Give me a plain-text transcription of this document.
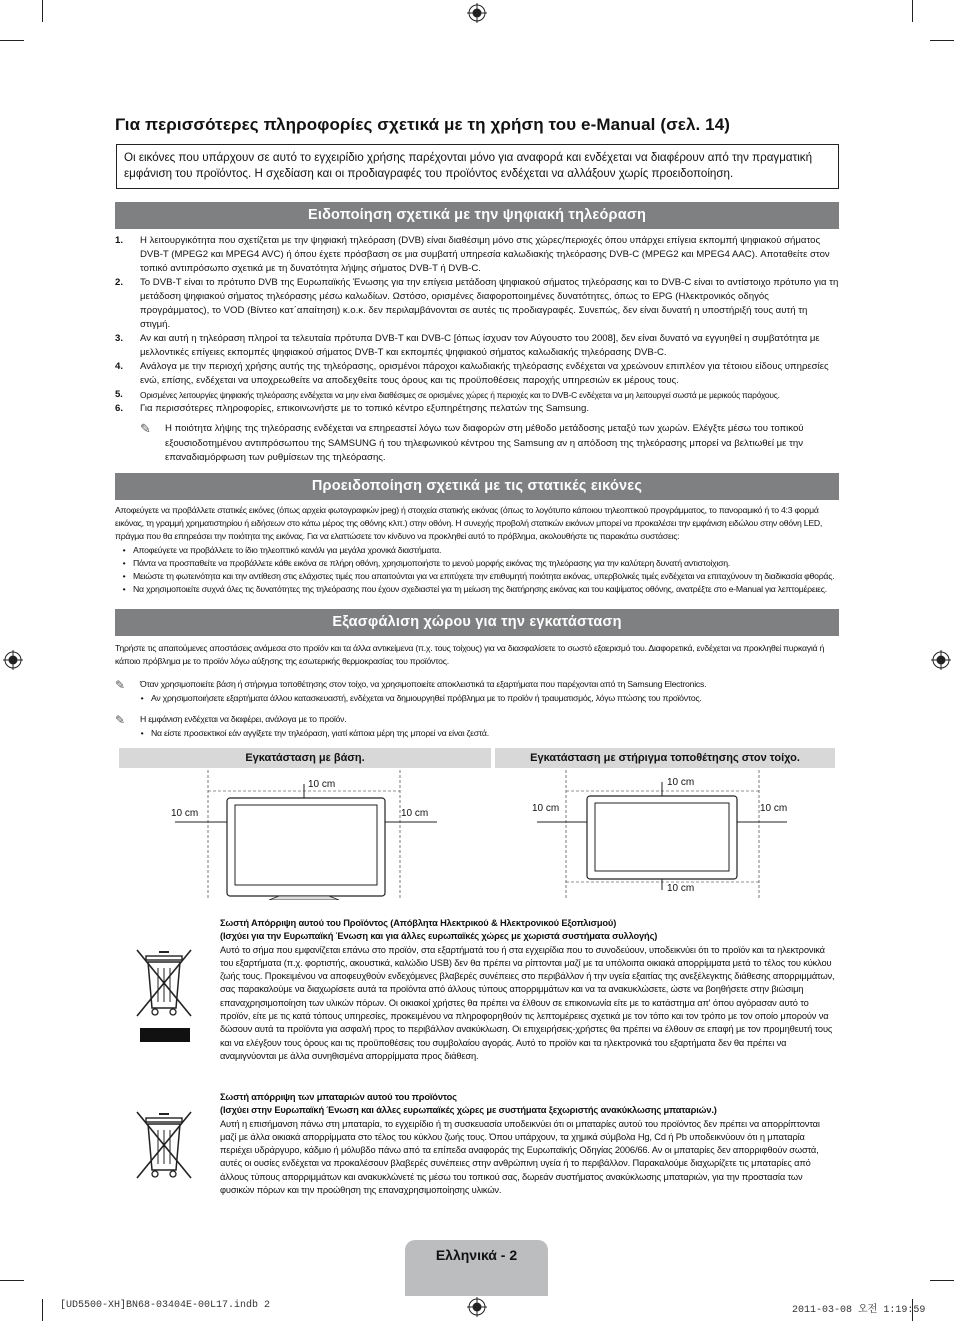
Για περισσότερες πληροφορίες σχετικά με τη χρήση του e-Manual (σελ. 14)
Οι εικόνες που υπάρχουν σε αυτό το εγχειρίδιο χρήσης παρέχονται μόνο για αναφορά και ενδέχεται να διαφέρουν από την πραγματική εμφάνιση του προϊόντος. Η σχεδίαση και οι προδιαγραφές του προϊόντος ενδέχεται να αλλάξουν χωρίς προειδοποίηση.
Ειδοποίηση σχετικά με την ψηφιακή τηλεόραση
1.	Η λειτουργικότητα που σχετίζεται με την ψηφιακή τηλεόραση (DVB) είναι διαθέσιμη μόνο στις χώρες/περιοχές όπου υπάρχει επίγεια εκπομπή ψηφιακού σήματος DVB-T (MPEG2 και MPEG4 AVC) ή όπου έχετε πρόσβαση σε μια συμβατή υπηρεσία καλωδιακής τηλεόρασης DVB-C (MPEG2 και MPEG4 AAC). Αποταθείτε στον τοπικό αντιπρόσωπο σχετικά με τη δυνατότητα λήψης σήματος DVB-T ή DVB-C.
2.	Το DVB-T είναι το πρότυπο DVB της Ευρωπαϊκής Ένωσης για την επίγεια μετάδοση ψηφιακού σήματος τηλεόρασης και το DVB-C είναι το αντίστοιχο πρότυπο για τη μετάδοση ψηφιακού σήματος τηλεόρασης μέσω καλωδίων. Ωστόσο, ορισμένες διαφοροποιημένες δυνατότητες, όπως το EPG (Ηλεκτρονικός οδηγός προγράμματος), το VOD (Βίντεο κατ΄απαίτηση) κ.ο.κ. δεν περιλαμβάνονται σε αυτές τις προδιαγραφές. Συνεπώς, δεν είναι δυνατή η υποστήριξή τους αυτή τη στιγμή.
3.	Αν και αυτή η τηλεόραση πληροί τα τελευταία πρότυπα DVB-T και DVB-C [όπως ίσχυαν τον Αύγουστο του 2008], δεν είναι δυνατό να εγγυηθεί η συμβατότητα με μελλοντικές επίγειες εκπομπές ψηφιακού σήματος DVB-T και εκπομπές ψηφιακού σήματος καλωδιακής τηλεόρασης DVB-C.
4.	Ανάλογα με την περιοχή χρήσης αυτής της τηλεόρασης, ορισμένοι πάροχοι καλωδιακής τηλεόρασης ενδέχεται να χρεώνουν επιπλέον για τέτοιου είδους υπηρεσίες ενώ, επίσης, ενδέχεται να υποχρεωθείτε να αποδεχθείτε τους όρους και τις προϋποθέσεις παροχής υπηρεσιών εκ μέρους τους.
5.	Ορισμένες λειτουργίες ψηφιακής τηλεόρασης ενδέχεται να μην είναι διαθέσιμες σε ορισμένες χώρες ή περιοχές και το DVB-C ενδέχεται να μη λειτουργεί σωστά με μερικούς παρόχους.
6.	Για περισσότερες πληροφορίες, επικοινωνήστε με το τοπικό κέντρο εξυπηρέτησης πελατών της Samsung.
✎	Η ποιότητα λήψης της τηλεόρασης ενδέχεται να επηρεαστεί λόγω των διαφορών στη μέθοδο μετάδοσης μεταξύ των χωρών. Ελέγξτε μέσω του τοπικού εξουσιοδοτημένου αντιπρόσωπου της SAMSUNG ή του τηλεφωνικού κέντρου της Samsung αν η απόδοση της τηλεόρασης μπορεί να βελτιωθεί με την επαναδιαμόρφωση των ρυθμίσεων της τηλεόρασης.
Προειδοποίηση σχετικά με τις στατικές εικόνες
Αποφεύγετε να προβάλλετε στατικές εικόνες (όπως αρχεία φωτογραφιών jpeg) ή στοιχεία στατικής εικόνας (όπως το λογότυπο κάποιου τηλεοπτικού προγράμματος, το πανοραμικό ή το 4:3 φορμά εικόνας, τη γραμμή χρηματιστηρίου ή ειδήσεων στο κάτω μέρος της οθόνης κλπ.) στην οθόνη. Η συνεχής προβολή στατικών εικόνων μπορεί να προκαλέσει την εμφάνιση ειδώλου στην οθόνη LED, πράγμα που θα επηρεάσει την ποιότητα της εικόνας. Για να ελαττώσετε τον κίνδυνο να προκληθεί αυτό το πρόβλημα, ακολουθήστε τις παρακάτω συστάσεις:
• Αποφεύγετε να προβάλλετε το ίδιο τηλεοπτικό κανάλι για μεγάλα χρονικά διαστήματα.
• Πάντα να προσπαθείτε να προβάλλετε κάθε εικόνα σε πλήρη οθόνη, χρησιμοποιήστε το μενού μορφής εικόνας της τηλεόρασης για την καλύτερη δυνατή αντιστοίχιση.
• Μειώστε τη φωτεινότητα και την αντίθεση στις ελάχιστες τιμές που απαιτούνται για να επιτύχετε την επιθυμητή ποιότητα εικόνας, υπερβολικές τιμές ενδέχεται να επιταχύνουν τη διαδικασία φθοράς.
• Να χρησιμοποιείτε συχνά όλες τις δυνατότητες της τηλεόρασης που έχουν σχεδιαστεί για τη μείωση της διατήρησης εικόνας και του καψίματος οθόνης, ανατρέξτε στο e-Manual για λεπτομέρειες.
Εξασφάλιση χώρου για την εγκατάσταση
Τηρήστε τις απαιτούμενες αποστάσεις ανάμεσα στο προϊόν και τα άλλα αντικείμενα (π.χ. τους τοίχους) για να διασφαλίσετε το σωστό εξαερισμό του. Διαφορετικά, ενδέχεται να προκληθεί πυρκαγιά ή κάποιο πρόβλημα με το προϊόν λόγω αύξησης της εσωτερικής θερμοκρασίας του προϊόντος.
✎	Όταν χρησιμοποιείτε βάση ή στήριγμα τοποθέτησης στον τοίχο, να χρησιμοποιείτε αποκλειστικά τα εξαρτήματα που παρέχονται από τη Samsung Electronics.
• Αν χρησιμοποιήσετε εξαρτήματα άλλου κατασκευαστή, ενδέχεται να δημιουργηθεί πρόβλημα με το προϊόν ή τραυματισμός, λόγω πτώσης του προϊόντος.
✎	Η εμφάνιση ενδέχεται να διαφέρει, ανάλογα με το προϊόν.
• Να είστε προσεκτικοί εάν αγγίξετε την τηλεόραση, γιατί κάποια μέρη της μπορεί να είναι ζεστά.
Εγκατάσταση με βάση.	Εγκατάσταση με στήριγμα τοποθέτησης στον τοίχο.
10 cm
10 cm	10 cm
10 cm
10 cm	10 cm
10 cm
Σωστή Απόρριψη αυτού του Προϊόντος (Απόβλητα Ηλεκτρικού & Ηλεκτρονικού Εξοπλισμού)
(Ισχύει για την Ευρωπαϊκή Ένωση και για άλλες ευρωπαϊκές χώρες με χωριστά συστήματα συλλογής)
Αυτό το σήμα που εμφανίζεται επάνω στο προϊόν, στα εξαρτήματά του ή στα εγχειρίδια που το συνοδεύουν, υποδεικνύει ότι το προϊόν και τα ηλεκτρονικά του εξαρτήματα (π.χ. φορτιστής, ακουστικά, καλώδιο USB) δεν θα πρέπει να ρίπτονται μαζί με τα υπόλοιπα οικιακά απορρίμματα μετά το τέλος του κύκλου ζωής τους. Προκειμένου να αποφευχθούν ενδεχόμενες βλαβερές συνέπειες στο περιβάλλον ή την υγεία εξαιτίας της ανεξέλεγκτης διάθεσης απορριμμάτων, σας παρακαλούμε να διαχωρίσετε αυτά τα προϊόντα από άλλους τύπους απορριμμάτων και να τα ανακυκλώσετε, ώστε να βοηθήσετε στην βιώσιμη επαναχρησιμοποίηση των υλικών πόρων. Οι οικιακοί χρήστες θα πρέπει να έλθουν σε επικοινωνία είτε με το κατάστημα απ' όπου αγόρασαν αυτό το προϊόν, είτε με τις κατά τόπους υπηρεσίες, προκειμένου να πληροφορηθούν τις λεπτομέρειες σχετικά με τον τόπο και τον τρόπο με τον οποίο μπορούν να δώσουν αυτά τα προϊόντα για ασφαλή προς το περιβάλλον ανακύκλωση. Οι επιχειρήσεις-χρήστες θα πρέπει να έλθουν σε επαφή με τον προμηθευτή τους και να ελέγξουν τους όρους και τις προϋποθέσεις του συμβολαίου αγοράς. Αυτό το προϊόν και τα ηλεκτρονικά του εξαρτήματα δεν θα πρέπει να αναμιγνύονται με άλλα συνηθισμένα απορρίμματα προς διάθεση.
Σωστή απόρριψη των μπαταριών αυτού του προϊόντος
(Ισχύει στην Ευρωπαϊκή Ένωση και άλλες ευρωπαϊκές χώρες με συστήματα ξεχωριστής ανακύκλωσης μπαταριών.)
Αυτή η επισήμανση πάνω στη μπαταρία, το εγχειρίδιο ή τη συσκευασία υποδεικνύει ότι οι μπαταρίες αυτού του προϊόντος δεν πρέπει να απορρίπτονται μαζί με άλλα οικιακά απορρίμματα στο τέλος του κύκλου ζωής τους. Όπου υπάρχουν, τα χημικά σύμβολα Hg, Cd ή Pb υποδεικνύουν ότι η μπαταρία περιέχει υδράργυρο, κάδμιο ή μόλυβδο πάνω από τα επίπεδα αναφοράς της Ευρωπαϊκής Οδηγίας 2006/66. Αν οι μπαταρίες δεν απορριφθούν σωστά, αυτές οι ουσίες ενδέχεται να προκαλέσουν βλαβερές συνέπειες στην ανθρώπινη υγεία ή το περιβάλλον. Παρακαλούμε διαχωρίζετε τις μπαταρίες από άλλους τύπους απορριμμάτων και ανακυκλώνετέ τις μέσω του τοπικού σας, δωρεάν συστήματος ανακύκλωσης μπαταριών, για την προστασία των φυσικών πόρων και την προώθηση της επαναχρησιμοποίησης υλικών.
Ελληνικά - 2
[UD5500-XH]BN68-03404E-00L17.indb 2	2011-03-08 오전 1:19:59
